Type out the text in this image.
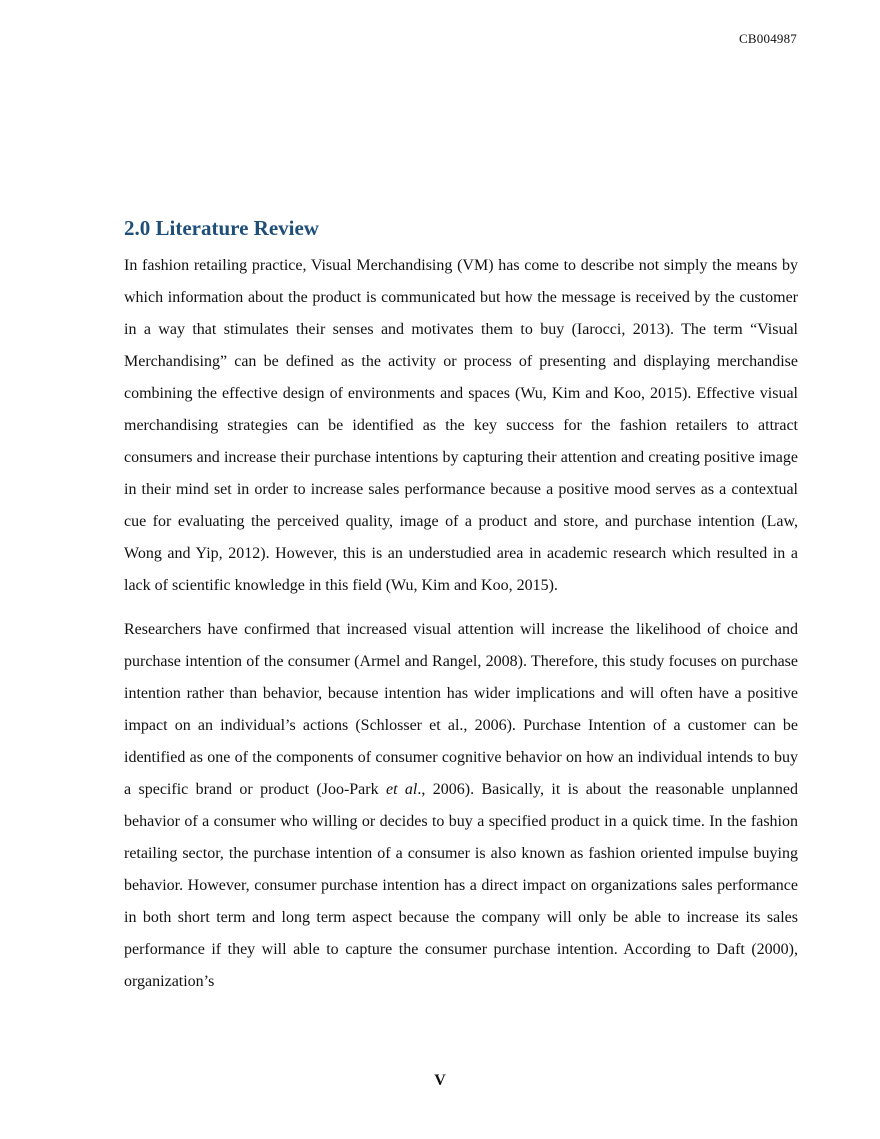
CB004987
2.0 Literature Review

In fashion retailing practice, Visual Merchandising (VM) has come to describe not simply the means by which information about the product is communicated but how the message is received by the customer in a way that stimulates their senses and motivates them to buy (Iarocci, 2013). The term “Visual Merchandising” can be defined as the activity or process of presenting and displaying merchandise combining the effective design of environments and spaces (Wu, Kim and Koo, 2015). Effective visual merchandising strategies can be identified as the key success for the fashion retailers to attract consumers and increase their purchase intentions by capturing their attention and creating positive image in their mind set in order to increase sales performance because a positive mood serves as a contextual cue for evaluating the perceived quality, image of a product and store, and purchase intention (Law, Wong and Yip, 2012). However, this is an understudied area in academic research which resulted in a lack of scientific knowledge in this field (Wu, Kim and Koo, 2015).

Researchers have confirmed that increased visual attention will increase the likelihood of choice and purchase intention of the consumer (Armel and Rangel, 2008). Therefore, this study focuses on purchase intention rather than behavior, because intention has wider implications and will often have a positive impact on an individual’s actions (Schlosser et al., 2006). Purchase Intention of a customer can be identified as one of the components of consumer cognitive behavior on how an individual intends to buy a specific brand or product (Joo-Park et al., 2006). Basically, it is about the reasonable unplanned behavior of a consumer who willing or decides to buy a specified product in a quick time. In the fashion retailing sector, the purchase intention of a consumer is also known as fashion oriented impulse buying behavior. However, consumer purchase intention has a direct impact on organizations sales performance in both short term and long term aspect because the company will only be able to increase its sales performance if they will able to capture the consumer purchase intention. According to Daft (2000), organization’s

V
